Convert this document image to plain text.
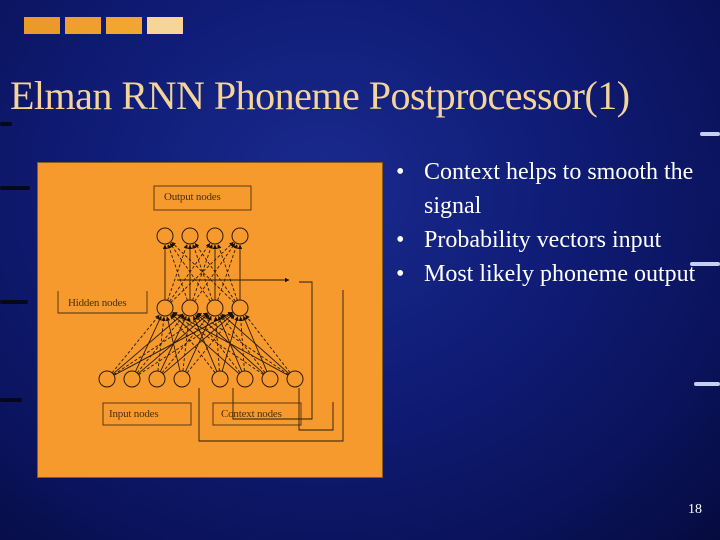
Elman RNN Phoneme Postprocessor(1)
Output nodes
Hidden nodes
Input nodes	Context nodes
• Context helps to smooth the signal
• Probability vectors input
• Most likely phoneme output
18
